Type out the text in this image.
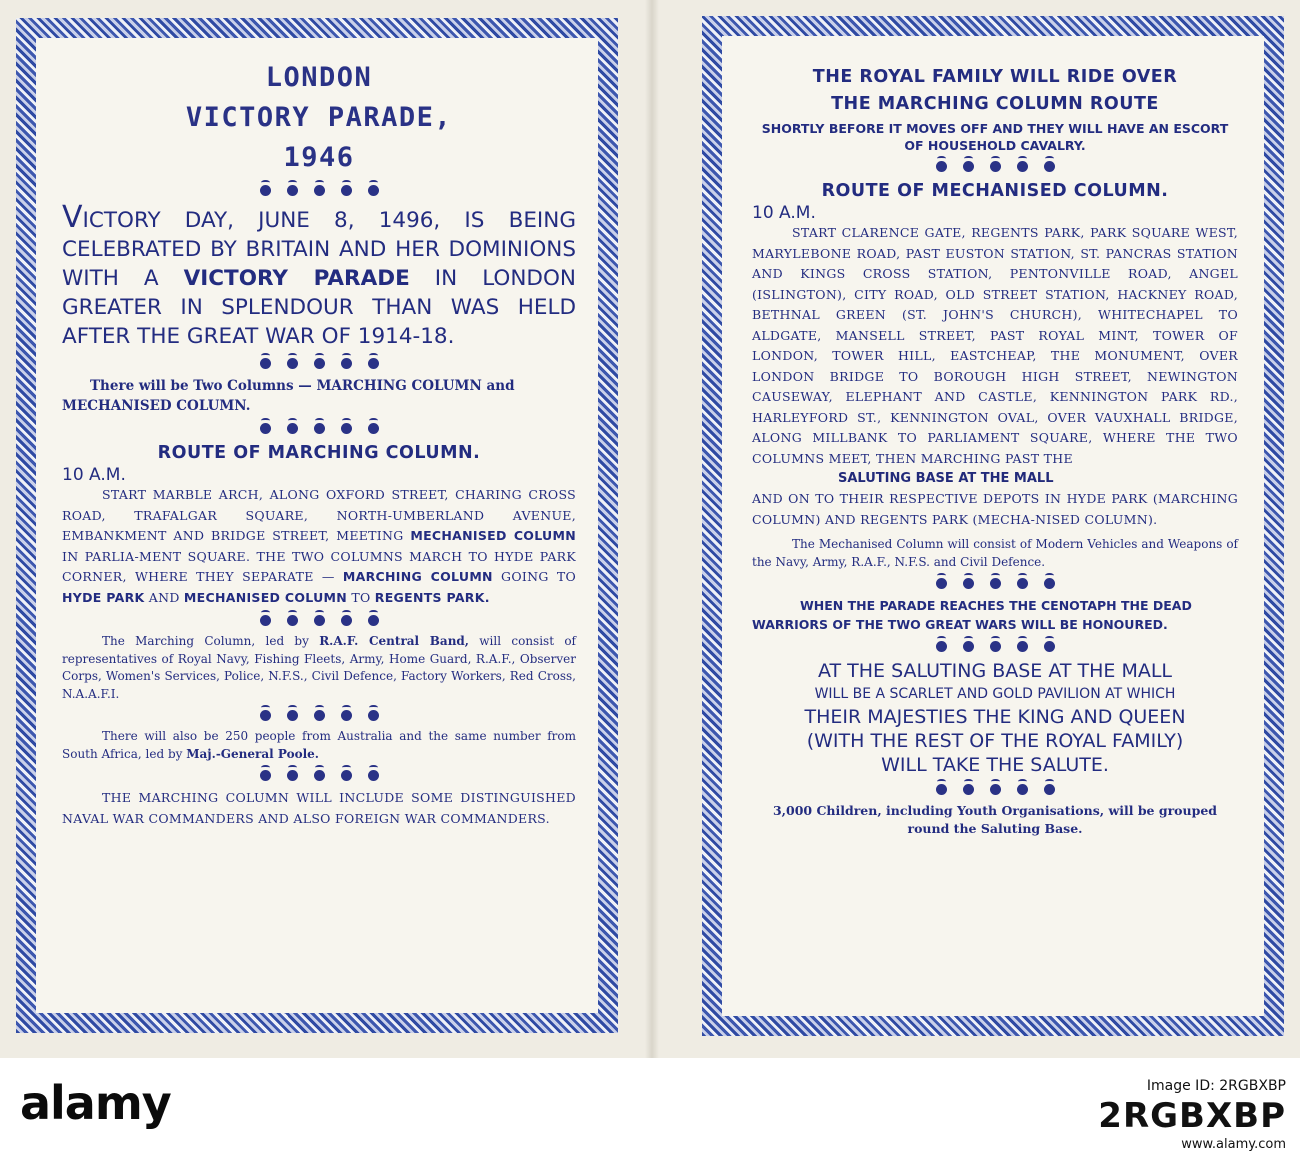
LONDON

VICTORY PARADE,

1946

VICTORY DAY, JUNE 8, 1496, IS BEING CELEBRATED BY BRITAIN AND HER DOMINIONS WITH A VICTORY PARADE IN LONDON GREATER IN SPLENDOUR THAN WAS HELD AFTER THE GREAT WAR OF 1914-18.

There will be Two Columns — MARCHING COLUMN and MECHANISED COLUMN.

ROUTE OF MARCHING COLUMN.

10 A.M.

START MARBLE ARCH, ALONG OXFORD STREET, CHARING CROSS ROAD, TRAFALGAR SQUARE, NORTH-UMBERLAND AVENUE, EMBANKMENT AND BRIDGE STREET, MEETING MECHANISED COLUMN IN PARLIA-MENT SQUARE. THE TWO COLUMNS MARCH TO HYDE PARK CORNER, WHERE THEY SEPARATE — MARCHING COLUMN GOING TO HYDE PARK AND MECHANISED COLUMN TO REGENTS PARK.

The Marching Column, led by R.A.F. Central Band, will consist of representatives of Royal Navy, Fishing Fleets, Army, Home Guard, R.A.F., Observer Corps, Women's Services, Police, N.F.S., Civil Defence, Factory Workers, Red Cross, N.A.A.F.I.

There will also be 250 people from Australia and the same number from South Africa, led by Maj.-General Poole.

THE MARCHING COLUMN WILL INCLUDE SOME DISTINGUISHED NAVAL WAR COMMANDERS AND ALSO FOREIGN WAR COMMANDERS.

THE ROYAL FAMILY WILL RIDE OVER

THE MARCHING COLUMN ROUTE

SHORTLY BEFORE IT MOVES OFF AND THEY WILL HAVE AN ESCORT OF HOUSEHOLD CAVALRY.

ROUTE OF MECHANISED COLUMN.

10 A.M.

START CLARENCE GATE, REGENTS PARK, PARK SQUARE WEST, MARYLEBONE ROAD, PAST EUSTON STATION, ST. PANCRAS STATION AND KINGS CROSS STATION, PENTONVILLE ROAD, ANGEL (ISLINGTON), CITY ROAD, OLD STREET STATION, HACKNEY ROAD, BETHNAL GREEN (ST. JOHN'S CHURCH), WHITECHAPEL TO ALDGATE, MANSELL STREET, PAST ROYAL MINT, TOWER OF LONDON, TOWER HILL, EASTCHEAP, THE MONUMENT, OVER LONDON BRIDGE TO BOROUGH HIGH STREET, NEWINGTON CAUSEWAY, ELEPHANT AND CASTLE, KENNINGTON PARK RD., HARLEYFORD ST., KENNINGTON OVAL, OVER VAUXHALL BRIDGE, ALONG MILLBANK TO PARLIAMENT SQUARE, WHERE THE TWO COLUMNS MEET, THEN MARCHING PAST THE

SALUTING BASE AT THE MALL

AND ON TO THEIR RESPECTIVE DEPOTS IN HYDE PARK (MARCHING COLUMN) AND REGENTS PARK (MECHA-NISED COLUMN).

The Mechanised Column will consist of Modern Vehicles and Weapons of the Navy, Army, R.A.F., N.F.S. and Civil Defence.

WHEN THE PARADE REACHES THE CENOTAPH THE DEAD WARRIORS OF THE TWO GREAT WARS WILL BE HONOURED.

AT THE SALUTING BASE AT THE MALL

WILL BE A SCARLET AND GOLD PAVILION AT WHICH

THEIR MAJESTIES THE KING AND QUEEN

(WITH THE REST OF THE ROYAL FAMILY)

WILL TAKE THE SALUTE.

3,000 Children, including Youth Organisations, will be grouped round the Saluting Base.

alamy	Image ID: 2RGBXBP
2RGBXBP
www.alamy.com
